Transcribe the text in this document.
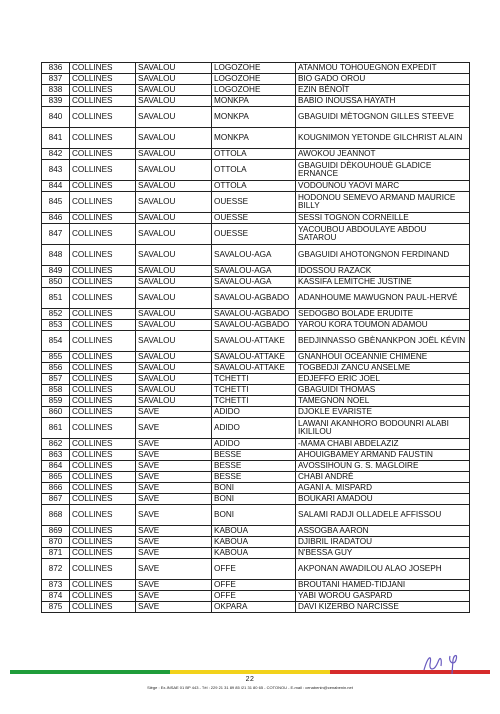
836	COLLINES	SAVALOU	LOGOZOHE	ATANMOU TOHOUEGNON EXPEDIT
837	COLLINES	SAVALOU	LOGOZOHE	BIO GADO OROU
838	COLLINES	SAVALOU	LOGOZOHE	EZIN BÉNOÎT
839	COLLINES	SAVALOU	MONKPA	BABIO INOUSSA HAYATH
840	COLLINES	SAVALOU	MONKPA	GBAGUIDI MÈTOGNON GILLES STEEVE
841	COLLINES	SAVALOU	MONKPA	KOUGNIMON YETONDE GILCHRIST ALAIN
842	COLLINES	SAVALOU	OTTOLA	AWOKOU JEANNOT
843	COLLINES	SAVALOU	OTTOLA	GBAGUIDI DÈKOUHOUÈ GLADICE ERNANCE
844	COLLINES	SAVALOU	OTTOLA	VODOUNOU YAOVI MARC
845	COLLINES	SAVALOU	OUESSE	HODONOU SEMEVO ARMAND MAURICE BILLY
846	COLLINES	SAVALOU	OUESSE	SESSI TOGNON CORNEILLE
847	COLLINES	SAVALOU	OUESSE	YACOUBOU ABDOULAYE ABDOU SATAROU
848	COLLINES	SAVALOU	SAVALOU-AGA	GBAGUIDI AHOTONGNON FERDINAND
849	COLLINES	SAVALOU	SAVALOU-AGA	IDOSSOU RAZACK
850	COLLINES	SAVALOU	SAVALOU-AGA	KASSIFA LEMITCHE JUSTINE
851	COLLINES	SAVALOU	SAVALOU-AGBADO	ADANHOUME MAWUGNON PAUL-HERVÉ
852	COLLINES	SAVALOU	SAVALOU-AGBADO	SEDOGBO BOLADE ERUDITE
853	COLLINES	SAVALOU	SAVALOU-AGBADO	YAROU KORA TOUMON ADAMOU
854	COLLINES	SAVALOU	SAVALOU-ATTAKE	BEDJINNASSO GBÈNANKPON JOËL KÉVIN
855	COLLINES	SAVALOU	SAVALOU-ATTAKE	GNANHOUI OCEANNIE CHIMENE
856	COLLINES	SAVALOU	SAVALOU-ATTAKE	TOGBEDJI ZANCU ANSELME
857	COLLINES	SAVALOU	TCHETTI	EDJEFFO ERIC JOEL
858	COLLINES	SAVALOU	TCHETTI	GBAGUIDI THOMAS
859	COLLINES	SAVALOU	TCHETTI	TAMEGNON NOEL
860	COLLINES	SAVE	ADIDO	DJOKLE EVARISTE
861	COLLINES	SAVE	ADIDO	LAWANI AKANHORO BODOUNRI ALABI IKILILOU
862	COLLINES	SAVE	ADIDO	-MAMA CHABI ABDELAZIZ
863	COLLINES	SAVE	BESSE	AHOUIGBAMEY ARMAND FAUSTIN
864	COLLINES	SAVE	BESSE	AVOSSIHOUN G. S. MAGLOIRE
865	COLLINES	SAVE	BESSE	CHABI ANDRÉ
866	COLLINES	SAVE	BONI	AGANI A. MISPARD
867	COLLINES	SAVE	BONI	BOUKARI AMADOU
868	COLLINES	SAVE	BONI	SALAMI RADJI OLLADELE AFFISSOU
869	COLLINES	SAVE	KABOUA	ASSOGBA AARON
870	COLLINES	SAVE	KABOUA	DJIBRIL IRADATOU
871	COLLINES	SAVE	KABOUA	N'BESSA GUY
872	COLLINES	SAVE	OFFE	AKPONAN AWADILOU ALAO JOSEPH
873	COLLINES	SAVE	OFFE	BROUTANI HAMED-TIDJANI
874	COLLINES	SAVE	OFFE	YABI WOROU GASPARD
875	COLLINES	SAVE	OKPARA	DAVI KIZERBO NARCISSE
22
Siège : Ex-INSAE 01 BP 443 - Tél : 229 21 31 89 85 /21 31 80 65 - COTONOU - E-mail : cenabenin@cenabenin.net
